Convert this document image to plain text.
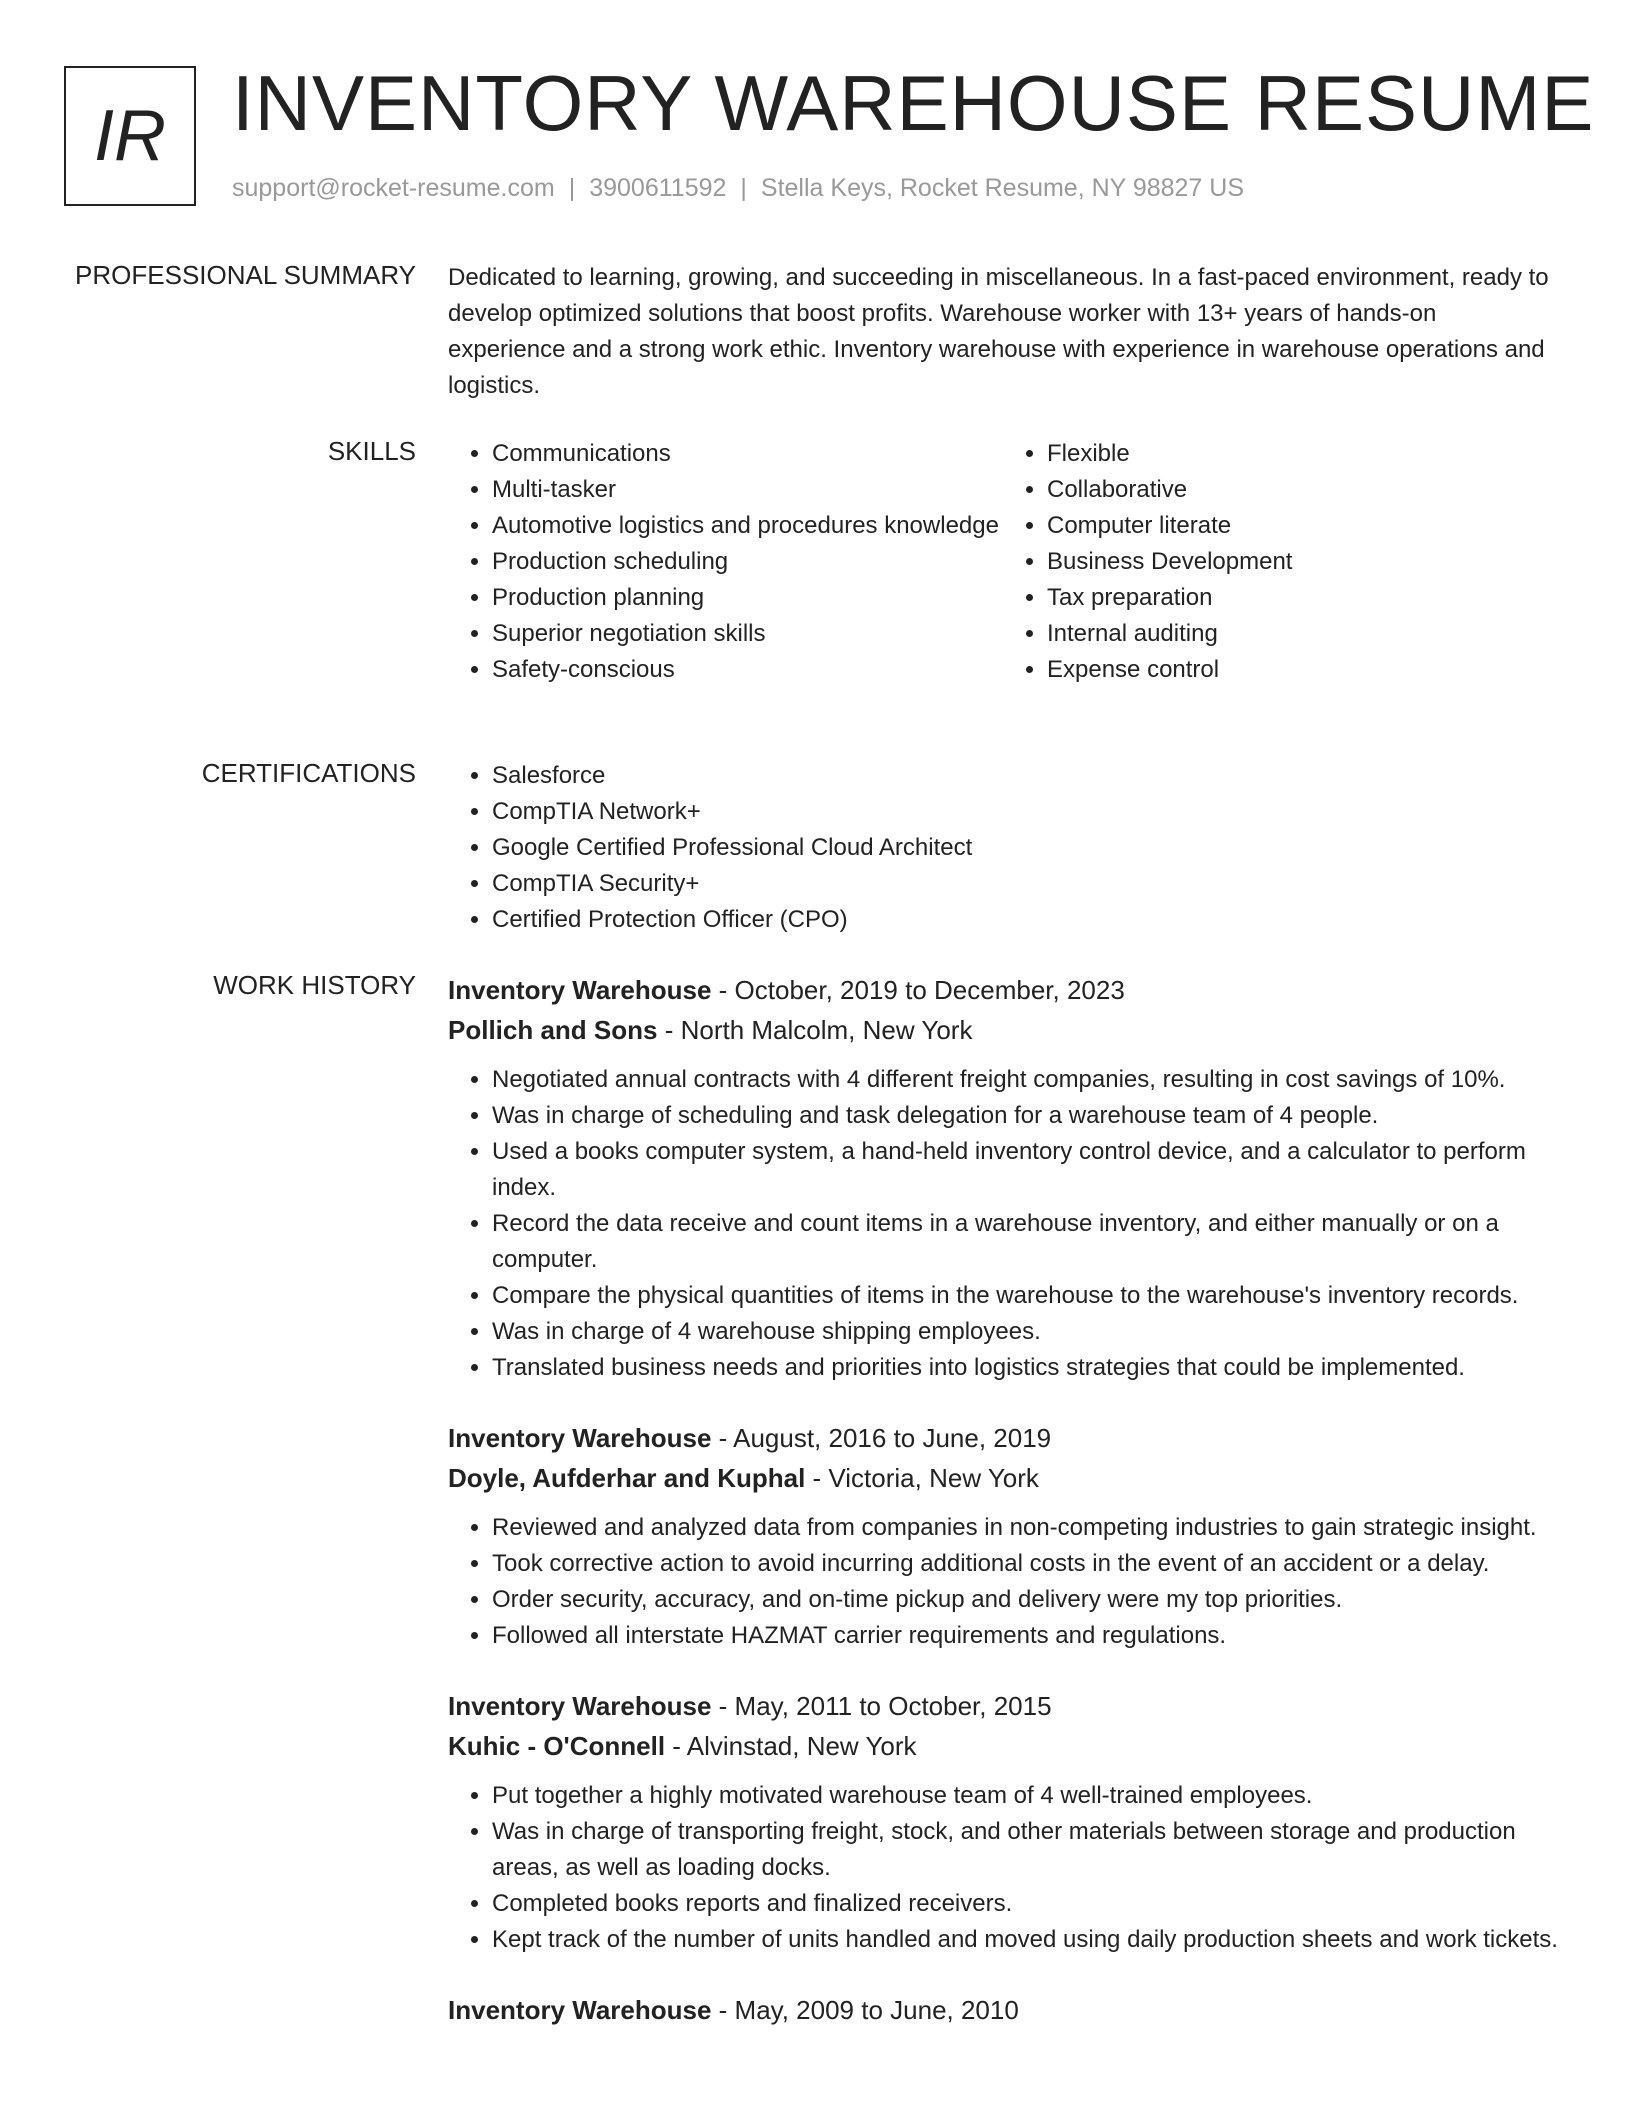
IR INVENTORY WAREHOUSE RESUME
support@rocket-resume.com | 3900611592 | Stella Keys, Rocket Resume, NY 98827 US
PROFESSIONAL SUMMARY Dedicated to learning, growing, and succeeding in miscellaneous. In a fast-paced environment, ready to develop optimized solutions that boost profits. Warehouse worker with 13+ years of hands-on experience and a strong work ethic. Inventory warehouse with experience in warehouse operations and logistics.

SKILLS	• Communications
• Multi-tasker
• Automotive logistics and procedures knowledge
• Production scheduling
• Production planning
• Superior negotiation skills
• Safety-conscious
• Flexible
• Collaborative
• Computer literate
• Business Development
• Tax preparation
• Internal auditing
• Expense control
CERTIFICATIONS	• Salesforce
• CompTIA Network+
• Google Certified Professional Cloud Architect
• CompTIA Security+
• Certified Protection Officer (CPO)
WORK HISTORY Inventory Warehouse - October, 2019 to December, 2023
Pollich and Sons - North Malcolm, New York
• Negotiated annual contracts with 4 different freight companies, resulting in cost savings of 10%.
• Was in charge of scheduling and task delegation for a warehouse team of 4 people.
• Used a books computer system, a hand-held inventory control device, and a calculator to perform index.
• Record the data receive and count items in a warehouse inventory, and either manually or on a computer.
• Compare the physical quantities of items in the warehouse to the warehouse's inventory records.
• Was in charge of 4 warehouse shipping employees.
• Translated business needs and priorities into logistics strategies that could be implemented.
Inventory Warehouse - August, 2016 to June, 2019
Doyle, Aufderhar and Kuphal - Victoria, New York
• Reviewed and analyzed data from companies in non-competing industries to gain strategic insight.
• Took corrective action to avoid incurring additional costs in the event of an accident or a delay.
• Order security, accuracy, and on-time pickup and delivery were my top priorities.
• Followed all interstate HAZMAT carrier requirements and regulations.
Inventory Warehouse - May, 2011 to October, 2015
Kuhic - O'Connell - Alvinstad, New York
• Put together a highly motivated warehouse team of 4 well-trained employees.
• Was in charge of transporting freight, stock, and other materials between storage and production areas, as well as loading docks.
• Completed books reports and finalized receivers.
• Kept track of the number of units handled and moved using daily production sheets and work tickets.
Inventory Warehouse - May, 2009 to June, 2010
